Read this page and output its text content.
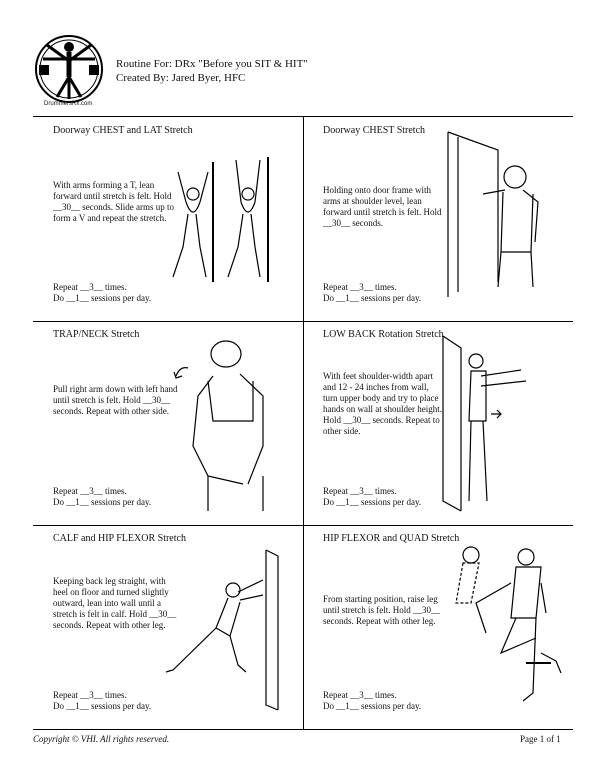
DrummersRx.com
Routine For: DRx "Before you SIT & HIT"
Created By: Jared Byer, HFC
Doorway CHEST and LAT Stretch
With arms forming a T, lean forward until stretch is felt. Hold __30__ seconds. Slide arms up to form a V and repeat the stretch.
Repeat __3__ times.
Do __1__ sessions per day.
Doorway CHEST Stretch
Holding onto door frame with arms at shoulder level, lean forward until stretch is felt. Hold __30__ seconds.
Repeat __3__ times.
Do __1__ sessions per day.
TRAP/NECK Stretch
Pull right arm down with left hand until stretch is felt. Hold __30__ seconds. Repeat with other side.
Repeat __3__ times.
Do __1__ sessions per day.
LOW BACK Rotation Stretch
With feet shoulder-width apart and 12 - 24 inches from wall, turn upper body and try to place hands on wall at shoulder height. Hold __30__ seconds. Repeat to other side.
Repeat __3__ times.
Do __1__ sessions per day.
CALF and HIP FLEXOR Stretch
Keeping back leg straight, with heel on floor and turned slightly outward, lean into wall until a stretch is felt in calf. Hold __30__ seconds. Repeat with other leg.
Repeat __3__ times.
Do __1__ sessions per day.
HIP FLEXOR and QUAD Stretch
From starting position, raise leg until stretch is felt. Hold __30__ seconds. Repeat with other leg.
Repeat __3__ times.
Do __1__ sessions per day.
Copyright © VHI. All rights reserved.	Page 1 of 1
